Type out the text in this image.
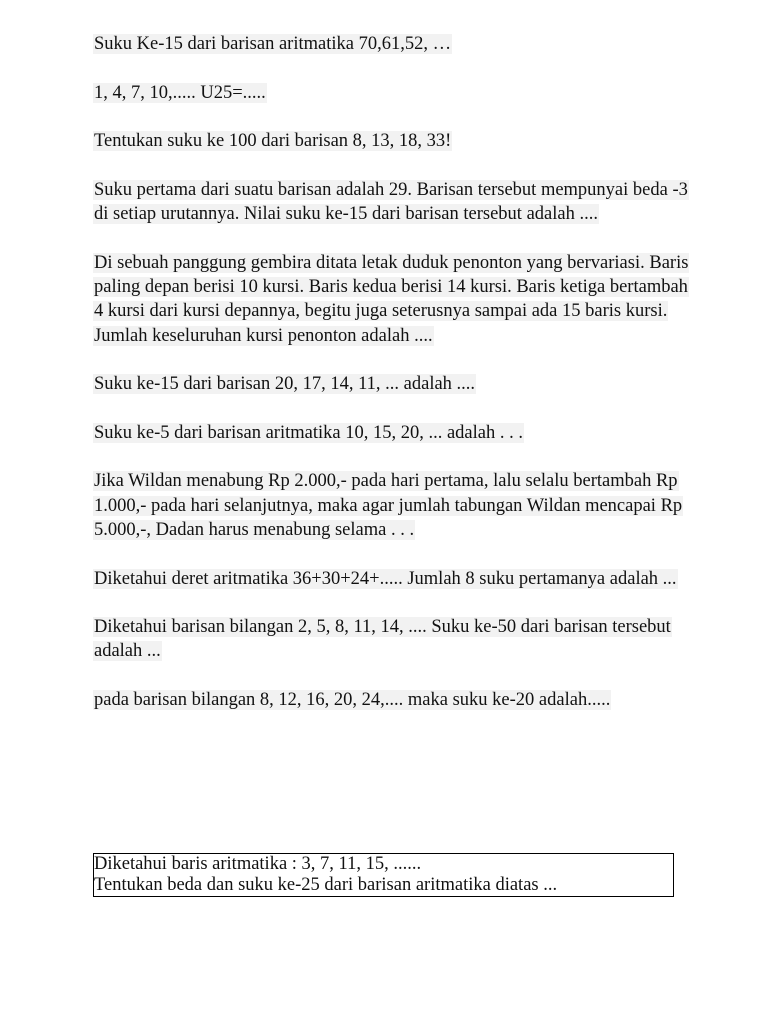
Suku Ke-15 dari barisan aritmatika 70,61,52, …

1, 4, 7, 10,..... U25=.....

Tentukan suku ke 100 dari barisan 8, 13, 18, 33!

Suku pertama dari suatu barisan adalah 29. Barisan tersebut mempunyai beda -3 di setiap urutannya. Nilai suku ke-15 dari barisan tersebut adalah ....

Di sebuah panggung gembira ditata letak duduk penonton yang bervariasi. Baris paling depan berisi 10 kursi. Baris kedua berisi 14 kursi. Baris ketiga bertambah 4 kursi dari kursi depannya, begitu juga seterusnya sampai ada 15 baris kursi. Jumlah keseluruhan kursi penonton adalah ....

Suku ke-15 dari barisan 20, 17, 14, 11, ... adalah ....

Suku ke-5 dari barisan aritmatika 10, 15, 20, ... adalah . . .

Jika Wildan menabung Rp 2.000,- pada hari pertama, lalu selalu bertambah Rp 1.000,- pada hari selanjutnya, maka agar jumlah tabungan Wildan mencapai Rp 5.000,-, Dadan harus menabung selama . . .

Diketahui deret aritmatika 36+30+24+..... Jumlah 8 suku pertamanya adalah ...

Diketahui barisan bilangan 2, 5, 8, 11, 14, .... Suku ke-50 dari barisan tersebut adalah ...

pada barisan bilangan 8, 12, 16, 20, 24,.... maka suku ke-20 adalah.....

Diketahui baris aritmatika : 3, 7, 11, 15, ......
Tentukan beda dan suku ke-25 dari barisan aritmatika diatas ...
